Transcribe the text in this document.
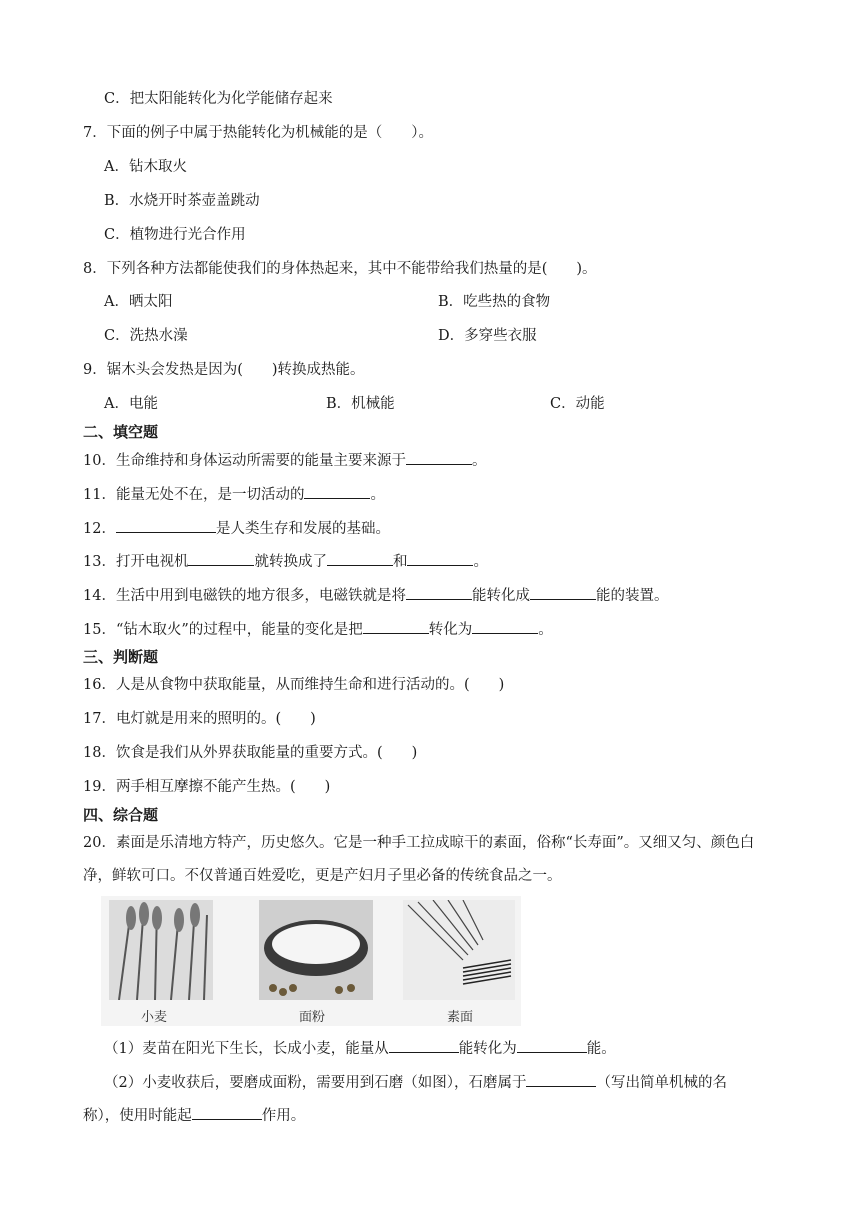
C．把太阳能转化为化学能储存起来
7．下面的例子中属于热能转化为机械能的是（　　）。
A．钻木取火
B．水烧开时茶壶盖跳动
C．植物进行光合作用
8．下列各种方法都能使我们的身体热起来，其中不能带给我们热量的是(　　)。
A．晒太阳	B．吃些热的食物
C．洗热水澡	D．多穿些衣服
9．锯木头会发热是因为(　　)转换成热能。
A．电能	B．机械能	C．动能
二、填空题
10．生命维持和身体运动所需要的能量主要来源于	。
11．能量无处不在，是一切活动的	。
12．	是人类生存和发展的基础。
13．打开电视机	就转换成了	和	。
14．生活中用到电磁铁的地方很多，电磁铁就是将	能转化成	能的装置。
15．“钻木取火”的过程中，能量的变化是把	转化为	。
三、判断题
16．人是从食物中获取能量，从而维持生命和进行活动的。(　　)
17．电灯就是用来的照明的。(　　)
18．饮食是我们从外界获取能量的重要方式。(　　)
19．两手相互摩擦不能产生热。(　　)
四、综合题
20．素面是乐清地方特产，历史悠久。它是一种手工拉成晾干的素面，俗称“长寿面”。又细又匀、颜色白净，鲜软可口。不仅普通百姓爱吃，更是产妇月子里必备的传统食品之一。
小麦	面粉	素面
（1）麦苗在阳光下生长，长成小麦，能量从	能转化为	能。
（2）小麦收获后，要磨成面粉，需要用到石磨（如图），石磨属于	（写出简单机械的名
称），使用时能起	作用。
